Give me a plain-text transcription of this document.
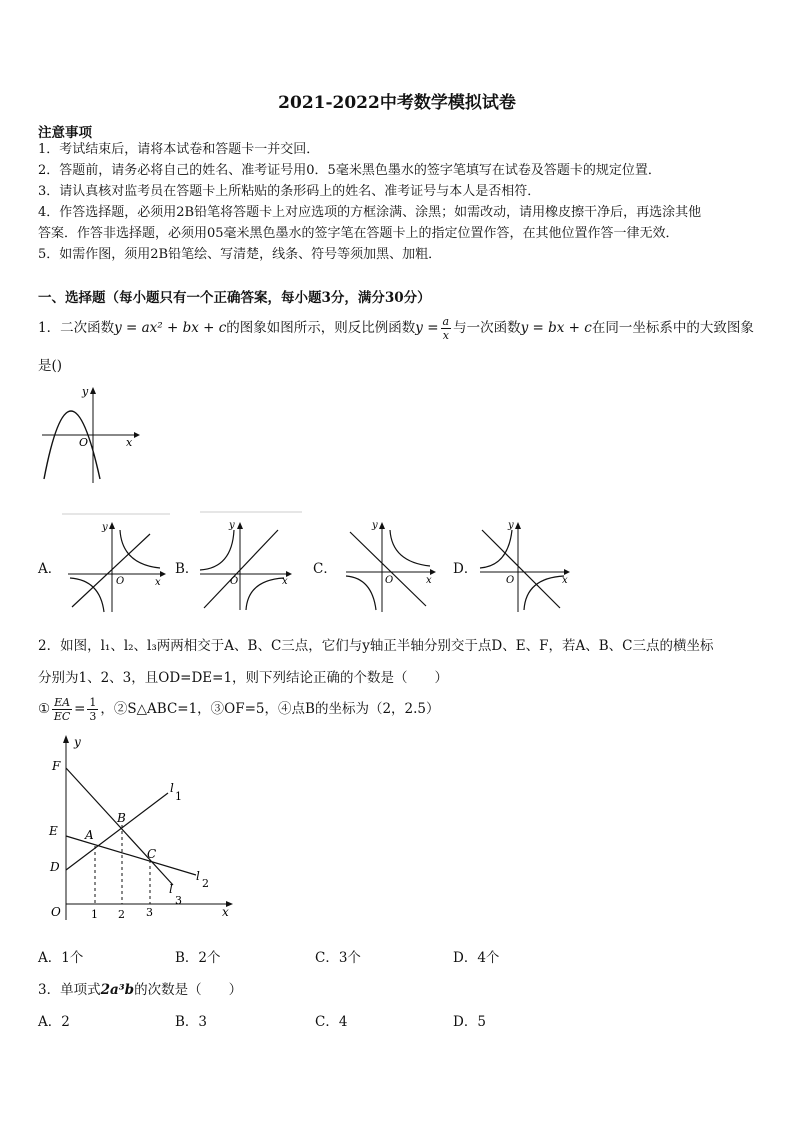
2021-2022中考数学模拟试卷
注意事项
1．考试结束后，请将本试卷和答题卡一并交回．
2．答题前，请务必将自己的姓名、准考证号用0．5毫米黑色墨水的签字笔填写在试卷及答题卡的规定位置．
3．请认真核对监考员在答题卡上所粘贴的条形码上的姓名、准考证号与本人是否相符．
4．作答选择题，必须用2B铅笔将答题卡上对应选项的方框涂满、涂黑；如需改动，请用橡皮擦干净后，再选涂其他
答案．作答非选择题，必须用05毫米黑色墨水的签字笔在答题卡上的指定位置作答，在其他位置作答一律无效．
5．如需作图，须用2B铅笔绘、写清楚，线条、符号等须加黑、加粗．
一、选择题（每小题只有一个正确答案，每小题3分，满分30分）
1．二次函数y = ax² + bx + c的图象如图所示，则反比例函数$y = \frac{a}{x}$ 与一次函数y = bx + c在同一坐标系中的大致图象
是()
x
y
O
A．
x
y
O
B．
x
y
O
C．
x
y
O
D．
x
y
O
2．如图，l₁、l₂、l₃两两相交于A、B、C三点，它们与y轴正半轴分别交于点D、E、F，若A、B、C三点的横坐标
分别为1、2、3，且OD=DE=1，则下列结论正确的个数是（　　）
① $\frac{EA}{EC} = \frac{1}{3}$ ，②S△ABC=1，③OF=5，④点B的坐标为（2，2.5）
F
E
D
O
A
B
C
y
x
l
1
l
2
l
3
1 2 3
A．1个	B．2个	C．3个	D．4个
3．单项式2a³b的次数是（　　）
A．2	B．3	C．4	D．5
